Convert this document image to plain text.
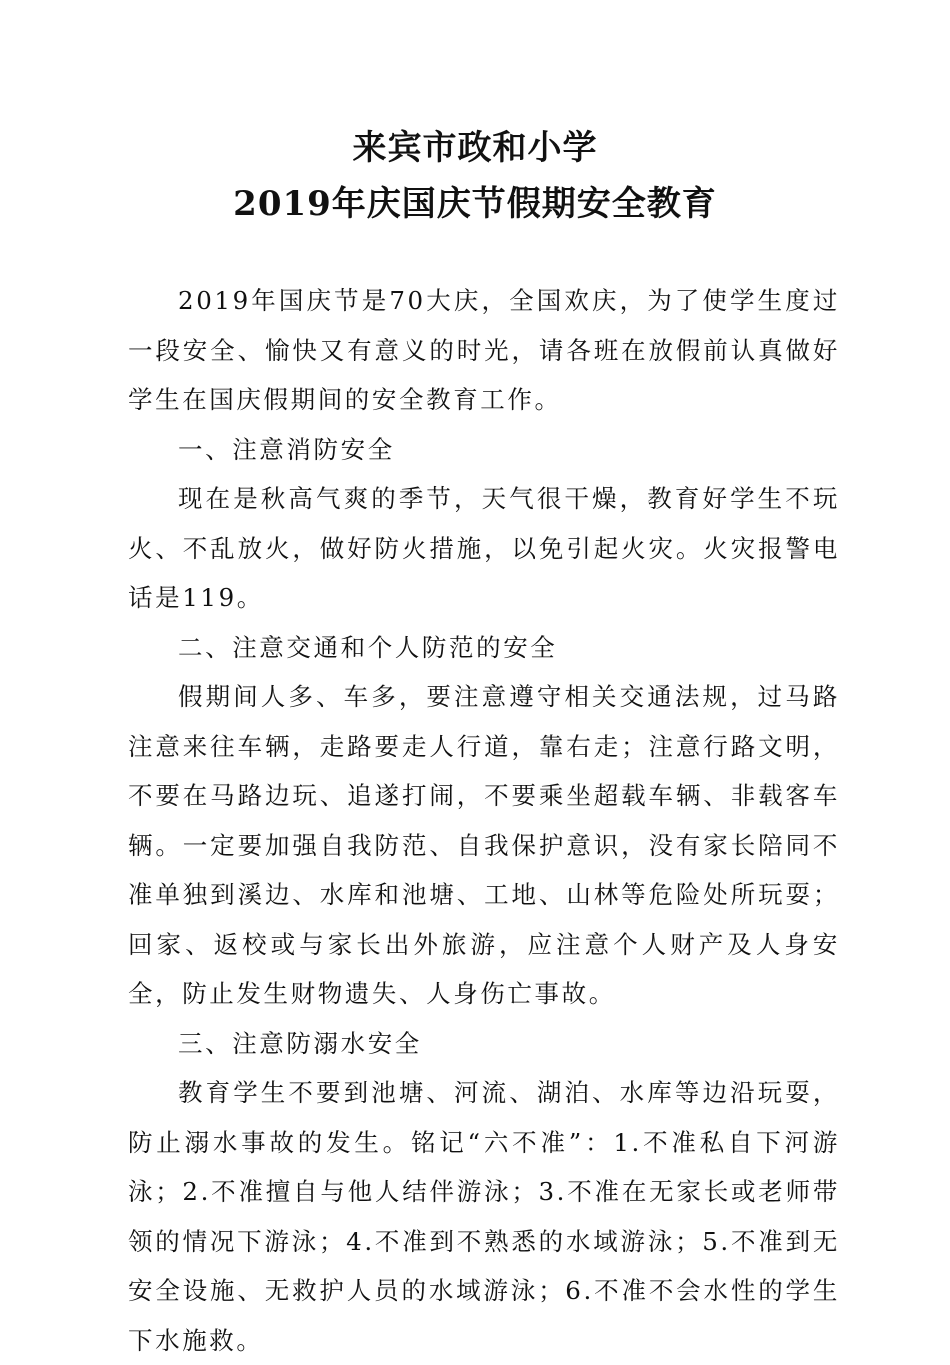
来宾市政和小学
2019年庆国庆节假期安全教育

2019年国庆节是70大庆，全国欢庆，为了使学生度过一段安全、愉快又有意义的时光，请各班在放假前认真做好学生在国庆假期间的安全教育工作。

一、注意消防安全

现在是秋高气爽的季节，天气很干燥，教育好学生不玩火、不乱放火，做好防火措施，以免引起火灾。火灾报警电话是119。

二、注意交通和个人防范的安全

假期间人多、车多，要注意遵守相关交通法规，过马路注意来往车辆，走路要走人行道，靠右走；注意行路文明，不要在马路边玩、追遂打闹，不要乘坐超载车辆、非载客车辆。一定要加强自我防范、自我保护意识，没有家长陪同不准单独到溪边、水库和池塘、工地、山林等危险处所玩耍；回家、返校或与家长出外旅游，应注意个人财产及人身安全，防止发生财物遗失、人身伤亡事故。

三、注意防溺水安全

教育学生不要到池塘、河流、湖泊、水库等边沿玩耍，防止溺水事故的发生。铭记“六不准”：1.不准私自下河游泳；2.不准擅自与他人结伴游泳；3.不准在无家长或老师带领的情况下游泳；4.不准到不熟悉的水域游泳；5.不准到无安全设施、无救护人员的水域游泳；6.不准不会水性的学生下水施救。
